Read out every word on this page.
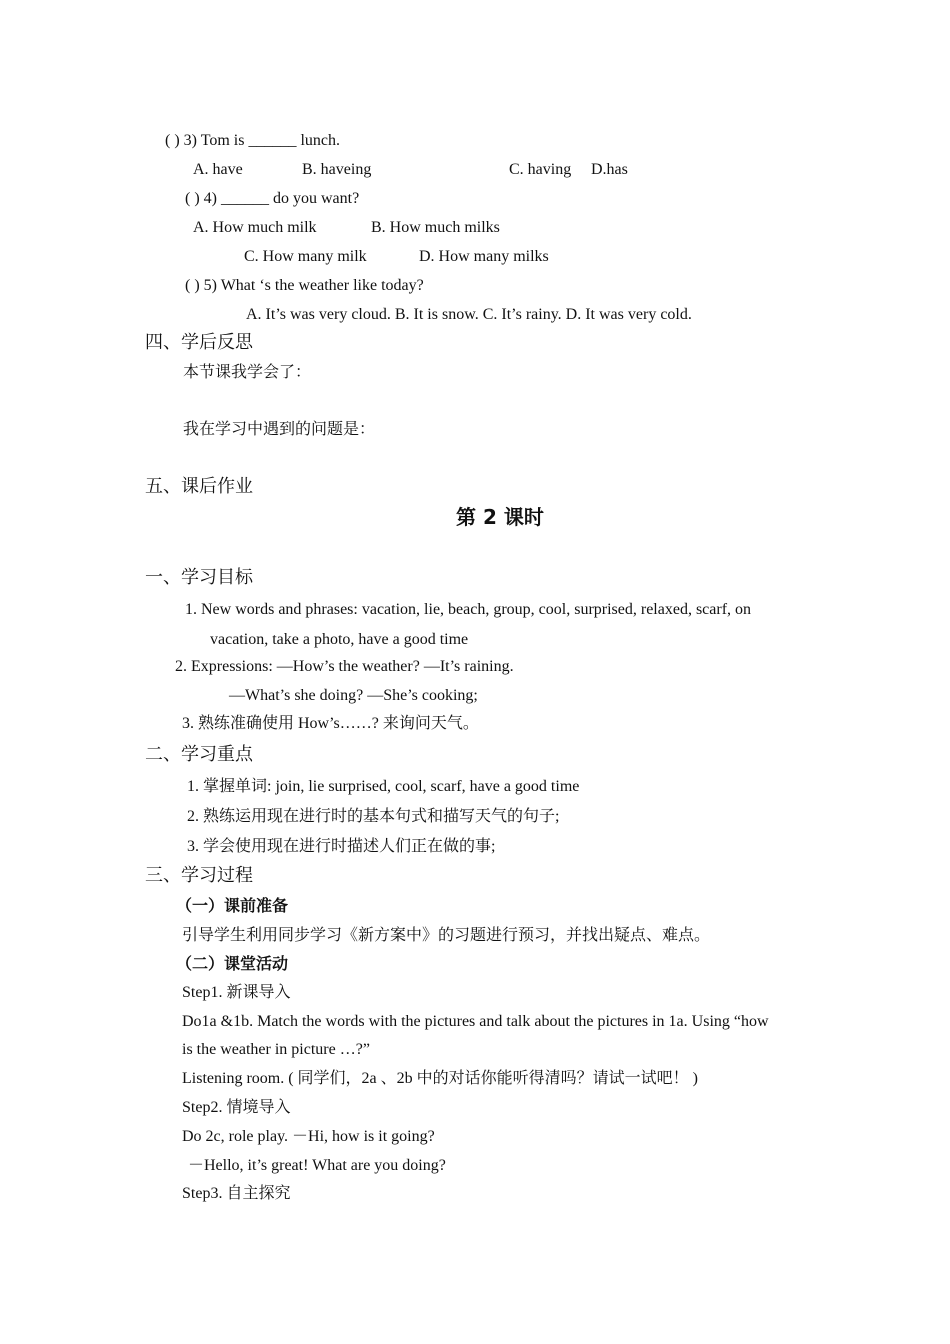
( ) 3) Tom is ______ lunch.
A. have	B. haveing	C. having D.has
( ) 4) ______ do you want?
A. How much milk	B. How much milks
C. How many milk	D. How many milks
( ) 5) What ‘s the weather like today?
A. It’s was very cloud. B. It is snow. C. It’s rainy. D. It was very cold.
四、学后反思
本节课我学会了：
我在学习中遇到的问题是：
五、课后作业
第 2 课时
一、学习目标
1. New words and phrases: vacation, lie, beach, group, cool, surprised, relaxed, scarf, on
vacation, take a photo, have a good time
2. Expressions: —How’s the weather? —It’s raining.
—What’s she doing? —She’s cooking;
3. 熟练准确使用 How’s……? 来询问天气。
二、学习重点
1. 掌握单词: join, lie surprised, cool, scarf, have a good time
2. 熟练运用现在进行时的基本句式和描写天气的句子;
3. 学会使用现在进行时描述人们正在做的事;
三、学习过程
（一）课前准备
引导学生利用同步学习《新方案中》的习题进行预习，并找出疑点、难点。
（二）课堂活动
Step1. 新课导入
Do1a &1b. Match the words with the pictures and talk about the pictures in 1a. Using “how
is the weather in picture …?”
Listening room. ( 同学们，2a 、2b 中的对话你能听得清吗？请试一试吧！ )
Step2. 情境导入
Do 2c, role play. －Hi, how is it going?
－Hello, it’s great! What are you doing?
Step3. 自主探究
